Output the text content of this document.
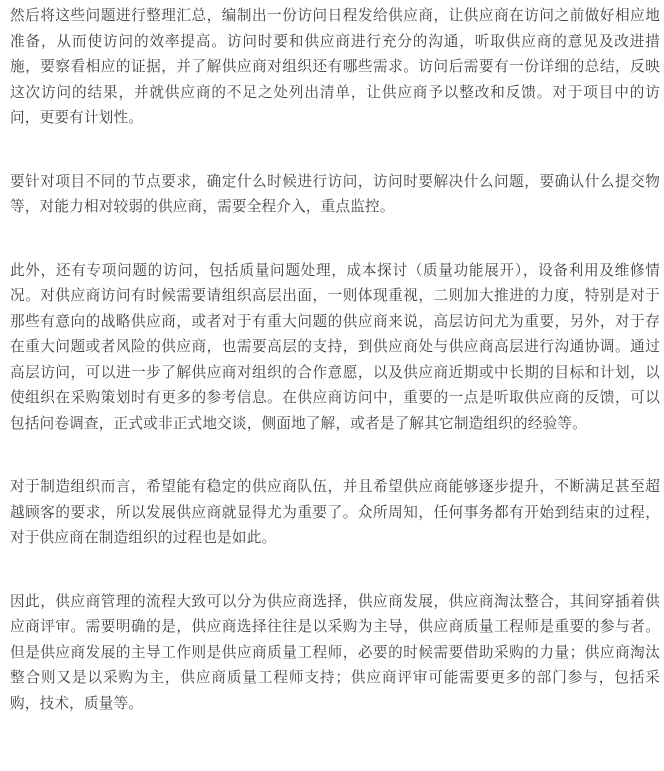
然后将这些问题进行整理汇总，编制出一份访问日程发给供应商，让供应商在访问之前做好相应地准备，从而使访问的效率提高。访问时要和供应商进行充分的沟通，听取供应商的意见及改进措施，要察看相应的证据，并了解供应商对组织还有哪些需求。访问后需要有一份详细的总结，反映这次访问的结果，并就供应商的不足之处列出清单，让供应商予以整改和反馈。对于项目中的访问，更要有计划性。

要针对项目不同的节点要求，确定什么时候进行访问，访问时要解决什么问题，要确认什么提交物等，对能力相对较弱的供应商，需要全程介入，重点监控。

此外，还有专项问题的访问，包括质量问题处理，成本探讨（质量功能展开），设备利用及维修情况。对供应商访问有时候需要请组织高层出面，一则体现重视，二则加大推进的力度，特别是对于那些有意向的战略供应商，或者对于有重大问题的供应商来说，高层访问尤为重要，另外，对于存在重大问题或者风险的供应商，也需要高层的支持，到供应商处与供应商高层进行沟通协调。通过高层访问，可以进一步了解供应商对组织的合作意愿，以及供应商近期或中长期的目标和计划，以使组织在采购策划时有更多的参考信息。在供应商访问中，重要的一点是听取供应商的反馈，可以包括问卷调查，正式或非正式地交谈，侧面地了解，或者是了解其它制造组织的经验等。

对于制造组织而言，希望能有稳定的供应商队伍，并且希望供应商能够逐步提升，不断满足甚至超越顾客的要求，所以发展供应商就显得尤为重要了。众所周知，任何事务都有开始到结束的过程，对于供应商在制造组织的过程也是如此。

因此，供应商管理的流程大致可以分为供应商选择，供应商发展，供应商淘汰整合，其间穿插着供应商评审。需要明确的是，供应商选择往往是以采购为主导，供应商质量工程师是重要的参与者。但是供应商发展的主导工作则是供应商质量工程师，必要的时候需要借助采购的力量；供应商淘汰整合则又是以采购为主，供应商质量工程师支持；供应商评审可能需要更多的部门参与，包括采购，技术，质量等。
